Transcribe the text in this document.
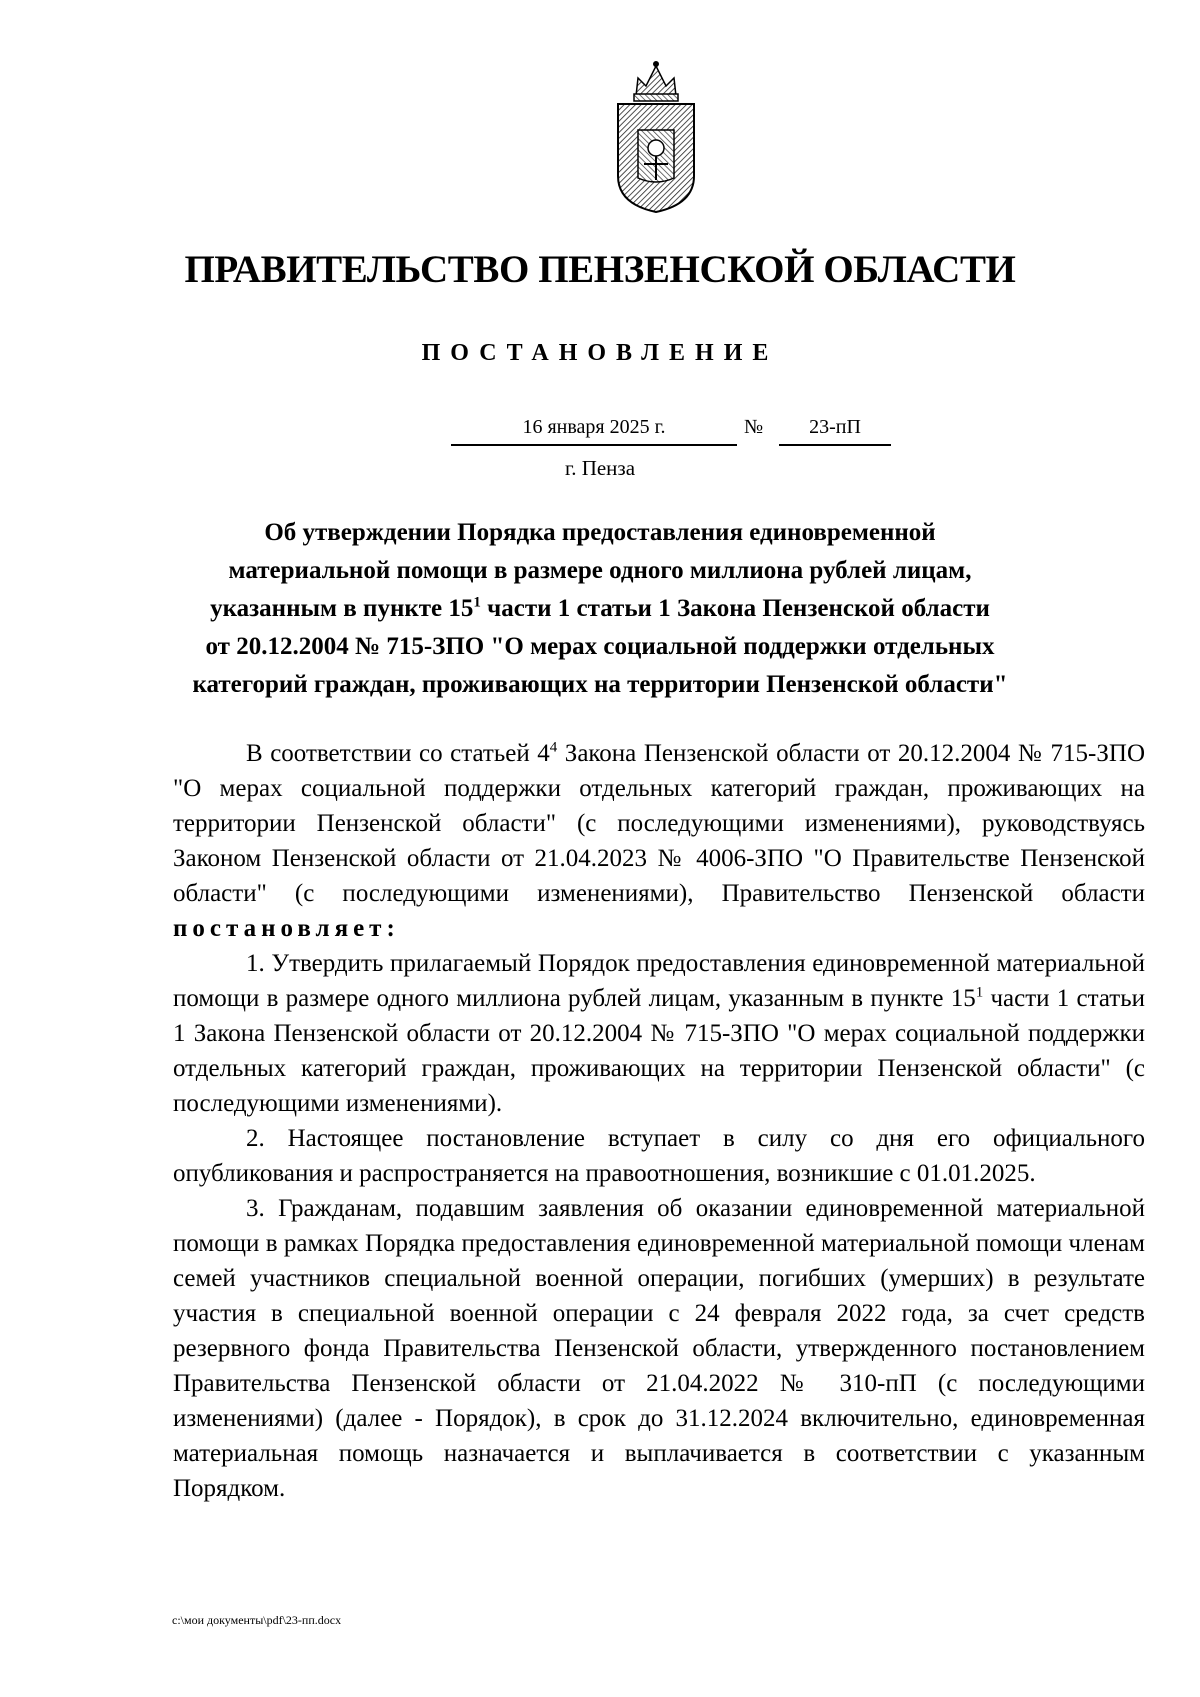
ПРАВИТЕЛЬСТВО ПЕНЗЕНСКОЙ ОБЛАСТИ
ПОСТАНОВЛЕНИЕ
16 января 2025 г.	№	23-пП
г. Пенза
Об утверждении Порядка предоставления единовременной
материальной помощи в размере одного миллиона рублей лицам,
указанным в пункте $15^1$ части 1 статьи 1 Закона Пензенской области
от 20.12.2004 № 715-ЗПО "О мерах социальной поддержки отдельных
категорий граждан, проживающих на территории Пензенской области"

В соответствии со статьей $4^4$ Закона Пензенской области от 20.12.2004 № 715-ЗПО "О мерах социальной поддержки отдельных категорий граждан, проживающих на территории Пензенской области" (с последующими изменениями), руководствуясь Законом Пензенской области от 21.04.2023 № 4006-ЗПО "О Правительстве Пензенской области" (с последующими изменениями), Правительство Пензенской области постановляет:

1. Утвердить прилагаемый Порядок предоставления единовременной материальной помощи в размере одного миллиона рублей лицам, указанным в пункте $15^1$ части 1 статьи 1 Закона Пензенской области от 20.12.2004 № 715-ЗПО "О мерах социальной поддержки отдельных категорий граждан, проживающих на территории Пензенской области" (с последующими изменениями).

2. Настоящее постановление вступает в силу со дня его официального опубликования и распространяется на правоотношения, возникшие с 01.01.2025.

3. Гражданам, подавшим заявления об оказании единовременной материальной помощи в рамках Порядка предоставления единовременной материальной помощи членам семей участников специальной военной операции, погибших (умерших) в результате участия в специальной военной операции с 24 февраля 2022 года, за счет средств резервного фонда Правительства Пензенской области, утвержденного постановлением Правительства Пензенской области от 21.04.2022 № 310-пП (с последующими изменениями) (далее - Порядок), в срок до 31.12.2024 включительно, единовременная материальная помощь назначается и выплачивается в соответствии с указанным Порядком.

c:\мои документы\pdf\23-пп.docx
